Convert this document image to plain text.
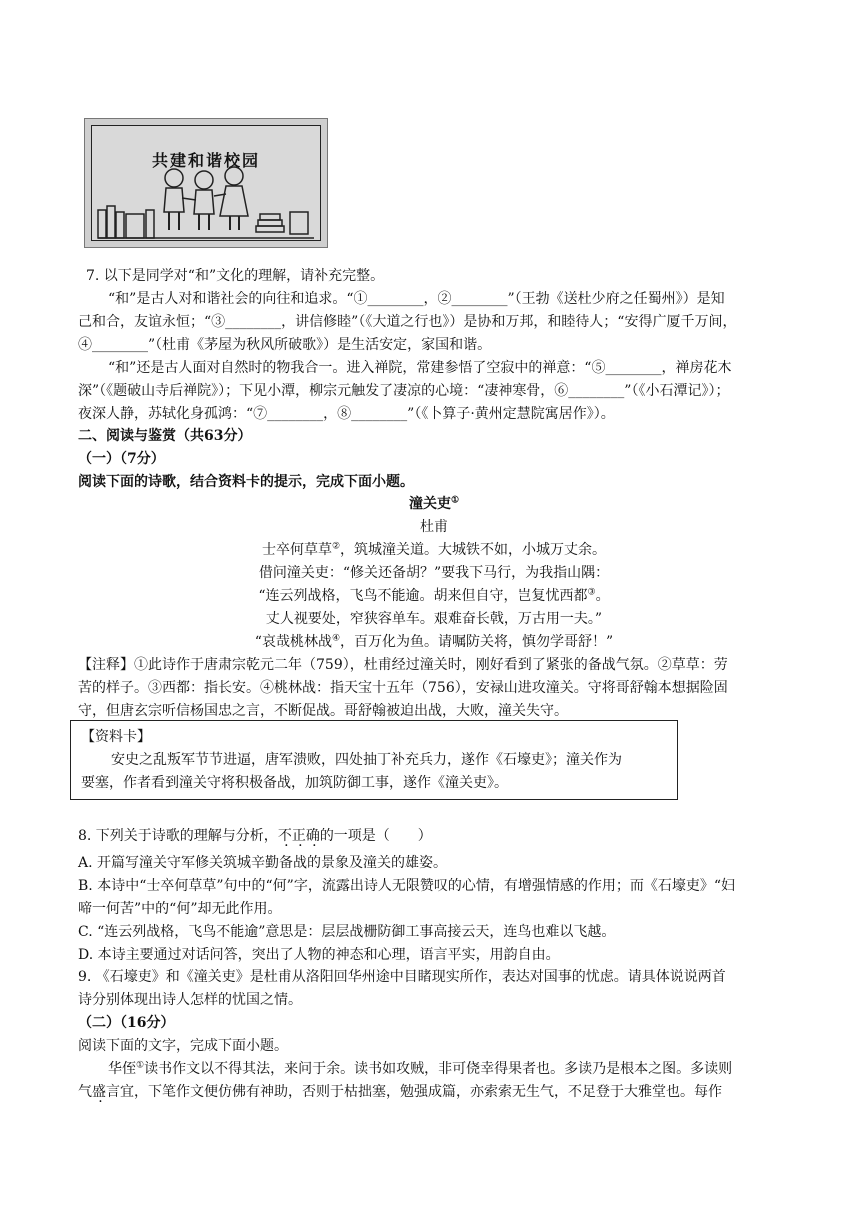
共建和谐校园
7. 以下是同学对“和”文化的理解，请补充完整。
“和”是古人对和谐社会的向往和追求。“①________，②________”（王勃《送杜少府之任蜀州》）是知
己和合，友谊永恒；“③________，讲信修睦”（《大道之行也》）是协和万邦，和睦待人；“安得广厦千万间，
④________”（杜甫《茅屋为秋风所破歌》）是生活安定，家国和谐。
“和”还是古人面对自然时的物我合一。进入禅院，常建参悟了空寂中的禅意：“⑤________，禅房花木
深”（《题破山寺后禅院》）；下见小潭，柳宗元触发了凄凉的心境：“凄神寒骨，⑥________”（《小石潭记》）；
夜深人静，苏轼化身孤鸿：“⑦________，⑧________”（《卜算子·黄州定慧院寓居作》）。
二、阅读与鉴赏（共63分）
（一）（7分）
阅读下面的诗歌，结合资料卡的提示，完成下面小题。
潼关吏①
杜甫
士卒何草草②，筑城潼关道。大城铁不如，小城万丈余。
借问潼关吏：“修关还备胡？”要我下马行，为我指山隅：
“连云列战格，飞鸟不能逾。胡来但自守，岂复忧西都③。
丈人视要处，窄狭容单车。艰难奋长戟，万古用一夫。”
“哀哉桃林战④，百万化为鱼。请嘱防关将，慎勿学哥舒！”
【注释】①此诗作于唐肃宗乾元二年（759），杜甫经过潼关时，刚好看到了紧张的备战气氛。②草草：劳
苦的样子。③西都：指长安。④桃林战：指天宝十五年（756），安禄山进攻潼关。守将哥舒翰本想据险固
守，但唐玄宗听信杨国忠之言，不断促战。哥舒翰被迫出战，大败，潼关失守。
【资料卡】
安史之乱叛军节节进逼，唐军溃败，四处抽丁补充兵力，遂作《石壕吏》；潼关作为
要塞，作者看到潼关守将积极备战，加筑防御工事，遂作《潼关吏》。
8. 下列关于诗歌的理解与分析，不正确的一项是（　　）
A. 开篇写潼关守军修关筑城辛勤备战的景象及潼关的雄姿。
B. 本诗中“士卒何草草”句中的“何”字，流露出诗人无限赞叹的心情，有增强情感的作用；而《石壕吏》“妇
啼一何苦”中的“何”却无此作用。
C. “连云列战格，飞鸟不能逾”意思是：层层战栅防御工事高接云天，连鸟也难以飞越。
D. 本诗主要通过对话问答，突出了人物的神态和心理，语言平实，用韵自由。
9. 《石壕吏》和《潼关吏》是杜甫从洛阳回华州途中目睹现实所作，表达对国事的忧虑。请具体说说两首
诗分别体现出诗人怎样的忧国之情。
（二）（16分）
阅读下面的文字，完成下面小题。
华侄①读书作文以不得其法，来问于余。读书如攻贼，非可侥幸得果者也。多读乃是根本之图。多读则
气盛言宜，下笔作文便仿佛有神助，否则于枯拙塞，勉强成篇，亦索索无生气，不足登于大雅堂也。每作
